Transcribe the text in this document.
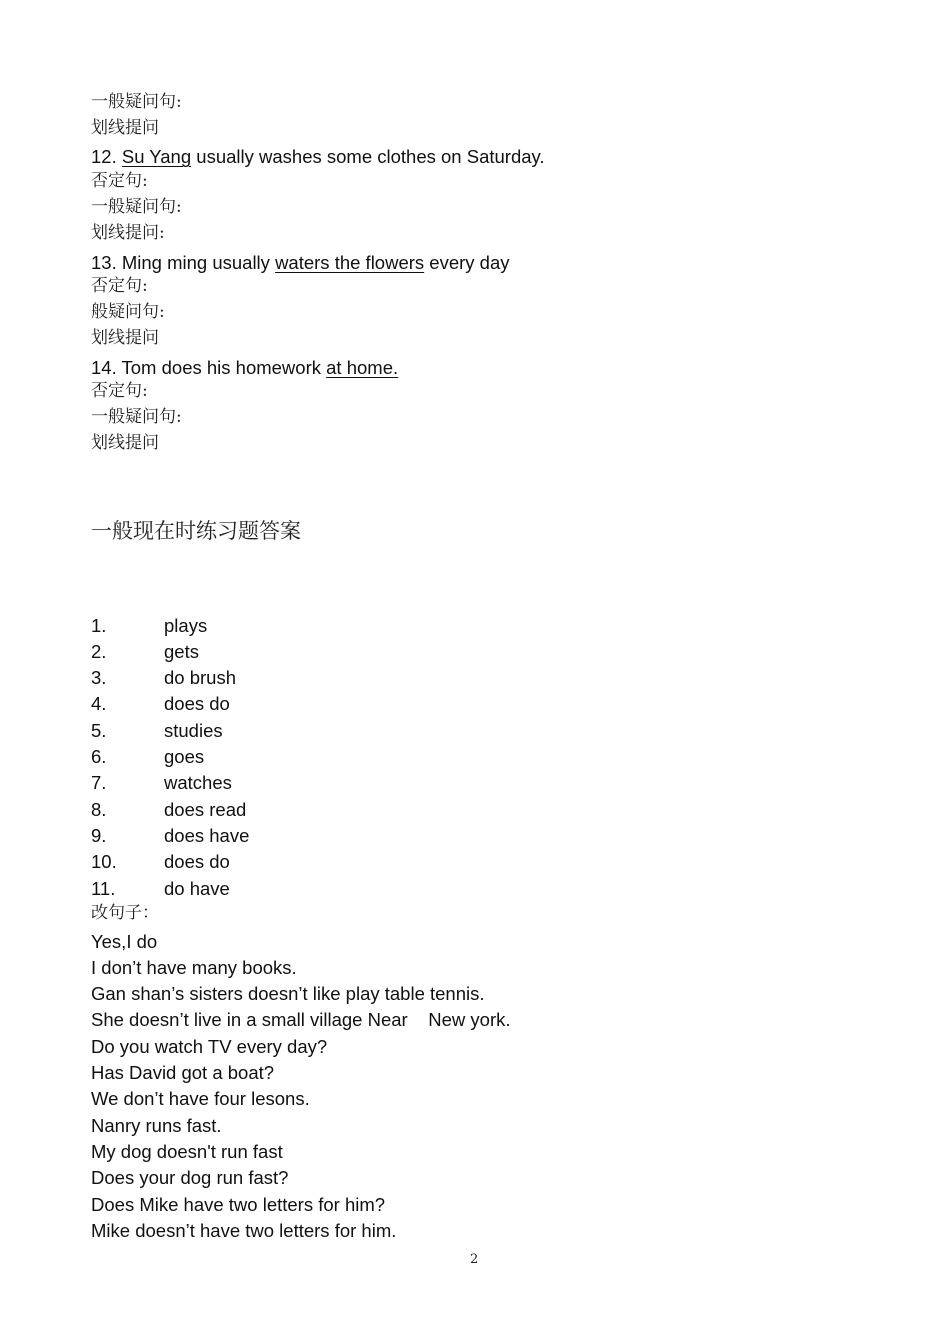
一般疑问句:
划线提问
12. Su Yang usually washes some clothes on Saturday.
否定句:
一般疑问句:
划线提问:
13. Ming ming usually waters the flowers every day
否定句:
般疑问句:
划线提问
14. Tom does his homework at home.
否定句:
一般疑问句:
划线提问
一般现在时练习题答案
1.	plays
2.	gets
3.	do brush
4.	does do
5.	studies
6.	goes
7.	watches
8.	does read
9.	does have
10.	does do
11.	do have
改句子：
Yes,I do
I don’t have many books.
Gan shan’s sisters doesn’t like play table tennis.
She doesn’t live in a small village Near    New york.
Do you watch TV every day?
Has David got a boat?
We don’t have four lesons.
Nanry runs fast.
My dog doesn't run fast
Does your dog run fast?
Does Mike have two letters for him?
Mike doesn’t have two letters for him.
2
